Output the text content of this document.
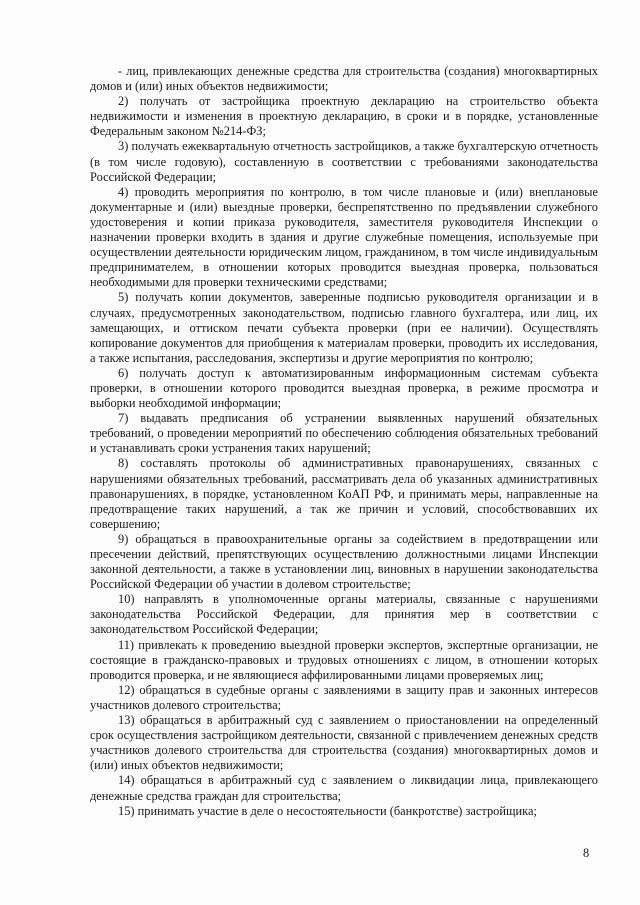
- лиц, привлекающих денежные средства для строительства (создания) многоквартирных домов и (или) иных объектов недвижимости;

2) получать от застройщика проектную декларацию на строительство объекта недвижимости и изменения в проектную декларацию, в сроки и в порядке, установленные Федеральным законом №214-ФЗ;

3) получать ежеквартальную отчетность застройщиков, а также бухгалтерскую отчетность (в том числе годовую), составленную в соответствии с требованиями законодательства Российской Федерации;

4) проводить мероприятия по контролю, в том числе плановые и (или) внеплановые документарные и (или) выездные проверки, беспрепятственно по предъявлении служебного удостоверения и копии приказа руководителя, заместителя руководителя Инспекции о назначении проверки входить в здания и другие служебные помещения, используемые при осуществлении деятельности юридическим лицом, гражданином, в том числе индивидуальным предпринимателем, в отношении которых проводится выездная проверка, пользоваться необходимыми для проверки техническими средствами;

5) получать копии документов, заверенные подписью руководителя организации и в случаях, предусмотренных законодательством, подписью главного бухгалтера, или лиц, их замещающих, и оттиском печати субъекта проверки (при ее наличии). Осуществлять копирование документов для приобщения к материалам проверки, проводить их исследования, а также испытания, расследования, экспертизы и другие мероприятия по контролю;

6) получать доступ к автоматизированным информационным системам субъекта проверки, в отношении которого проводится выездная проверка, в режиме просмотра и выборки необходимой информации;

7) выдавать предписания об устранении выявленных нарушений обязательных требований, о проведении мероприятий по обеспечению соблюдения обязательных требований и устанавливать сроки устранения таких нарушений;

8) составлять протоколы об административных правонарушениях, связанных с нарушениями обязательных требований, рассматривать дела об указанных административных правонарушениях, в порядке, установленном КоАП РФ, и принимать меры, направленные на предотвращение таких нарушений, а так же причин и условий, способствовавших их совершению;

9) обращаться в правоохранительные органы за содействием в предотвращении или пресечении действий, препятствующих осуществлению должностными лицами Инспекции законной деятельности, а также в установлении лиц, виновных в нарушении законодательства Российской Федерации об участии в долевом строительстве;

10) направлять в уполномоченные органы материалы, связанные с нарушениями законодательства Российской Федерации, для принятия мер в соответствии с законодательством Российской Федерации;

11) привлекать к проведению выездной проверки экспертов, экспертные организации, не состоящие в гражданско-правовых и трудовых отношениях с лицом, в отношении которых проводится проверка, и не являющиеся аффилированными лицами проверяемых лиц;

12) обращаться в судебные органы с заявлениями в защиту прав и законных интересов участников долевого строительства;

13) обращаться в арбитражный суд с заявлением о приостановлении на определенный срок осуществления застройщиком деятельности, связанной с привлечением денежных средств участников долевого строительства для строительства (создания) многоквартирных домов и (или) иных объектов недвижимости;

14) обращаться в арбитражный суд с заявлением о ликвидации лица, привлекающего денежные средства граждан для строительства;

15) принимать участие в деле о несостоятельности (банкротстве) застройщика;

8
